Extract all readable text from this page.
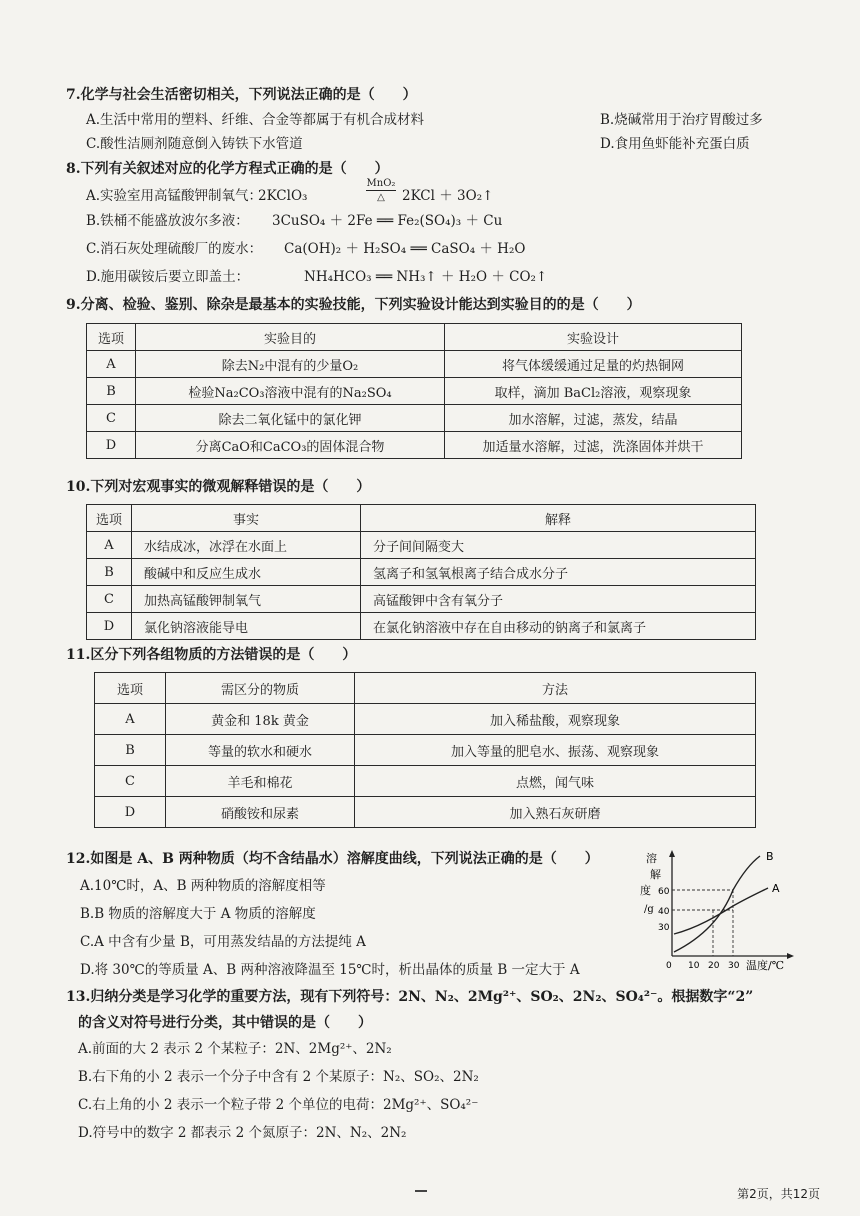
7.化学与社会生活密切相关，下列说法正确的是（　　）
A.生活中常用的塑料、纤维、合金等都属于有机合成材料	B.烧碱常用于治疗胃酸过多
C.酸性洁厕剂随意倒入铸铁下水管道	D.食用鱼虾能补充蛋白质
8.下列有关叙述对应的化学方程式正确的是（　　）
A.实验室用高锰酸钾制氧气：
2KClO₃
MnO₂
△	2KCl ＋ 3O₂↑
B.铁桶不能盛放波尔多液： 3CuSO₄ ＋ 2Fe ══ Fe₂(SO₄)₃ ＋ Cu
C.消石灰处理硫酸厂的废水： Ca(OH)₂ ＋ H₂SO₄ ══ CaSO₄ ＋ H₂O
D.施用碳铵后要立即盖土：	NH₄HCO₃ ══ NH₃↑ ＋ H₂O ＋ CO₂↑
9.分离、检验、鉴别、除杂是最基本的实验技能，下列实验设计能达到实验目的的是（　　）
选项	实验目的	实验设计
A	除去N₂中混有的少量O₂	将气体缓缓通过足量的灼热铜网
B	检验Na₂CO₃溶液中混有的Na₂SO₄	取样，滴加 BaCl₂溶液，观察现象
C	除去二氧化锰中的氯化钾	加水溶解，过滤，蒸发，结晶
D	分离CaO和CaCO₃的固体混合物	加适量水溶解，过滤，洗涤固体并烘干
10.下列对宏观事实的微观解释错误的是（　　）
选项	事实	解释
A	水结成冰，冰浮在水面上	分子间间隔变大
B	酸碱中和反应生成水	氢离子和氢氧根离子结合成水分子
C	加热高锰酸钾制氧气	高锰酸钾中含有氧分子
D	氯化钠溶液能导电	在氯化钠溶液中存在自由移动的钠离子和氯离子
11.区分下列各组物质的方法错误的是（　　）
选项	需区分的物质	方法
A	黄金和 18k 黄金	加入稀盐酸，观察现象
B	等量的软水和硬水	加入等量的肥皂水、振荡、观察现象
C	羊毛和棉花	点燃，闻气味
D	硝酸铵和尿素	加入熟石灰研磨
12.如图是 A、B 两种物质（均不含结晶水）溶解度曲线，下列说法正确的是（　　）
A.10℃时，A、B 两种物质的溶解度相等
B.B 物质的溶解度大于 A 物质的溶解度
C.A 中含有少量 B，可用蒸发结晶的方法提纯 A
D.将 30℃的等质量 A、B 两种溶液降温至 15℃时，析出晶体的质量 B 一定大于 A
B
A
溶
解
度
/g
60
40
30
0 10 20 30 温度/℃
13.归纳分类是学习化学的重要方法，现有下列符号：2N、N₂、2Mg²⁺、SO₂、2N₂、SO₄²⁻。根据数字“2”
的含义对符号进行分类，其中错误的是（　　）
A.前面的大 2 表示 2 个某粒子：2N、2Mg²⁺、2N₂
B.右下角的小 2 表示一个分子中含有 2 个某原子：N₂、SO₂、2N₂
C.右上角的小 2 表示一个粒子带 2 个单位的电荷：2Mg²⁺、SO₄²⁻
D.符号中的数字 2 都表示 2 个氮原子：2N、N₂、2N₂
第2页，共12页
